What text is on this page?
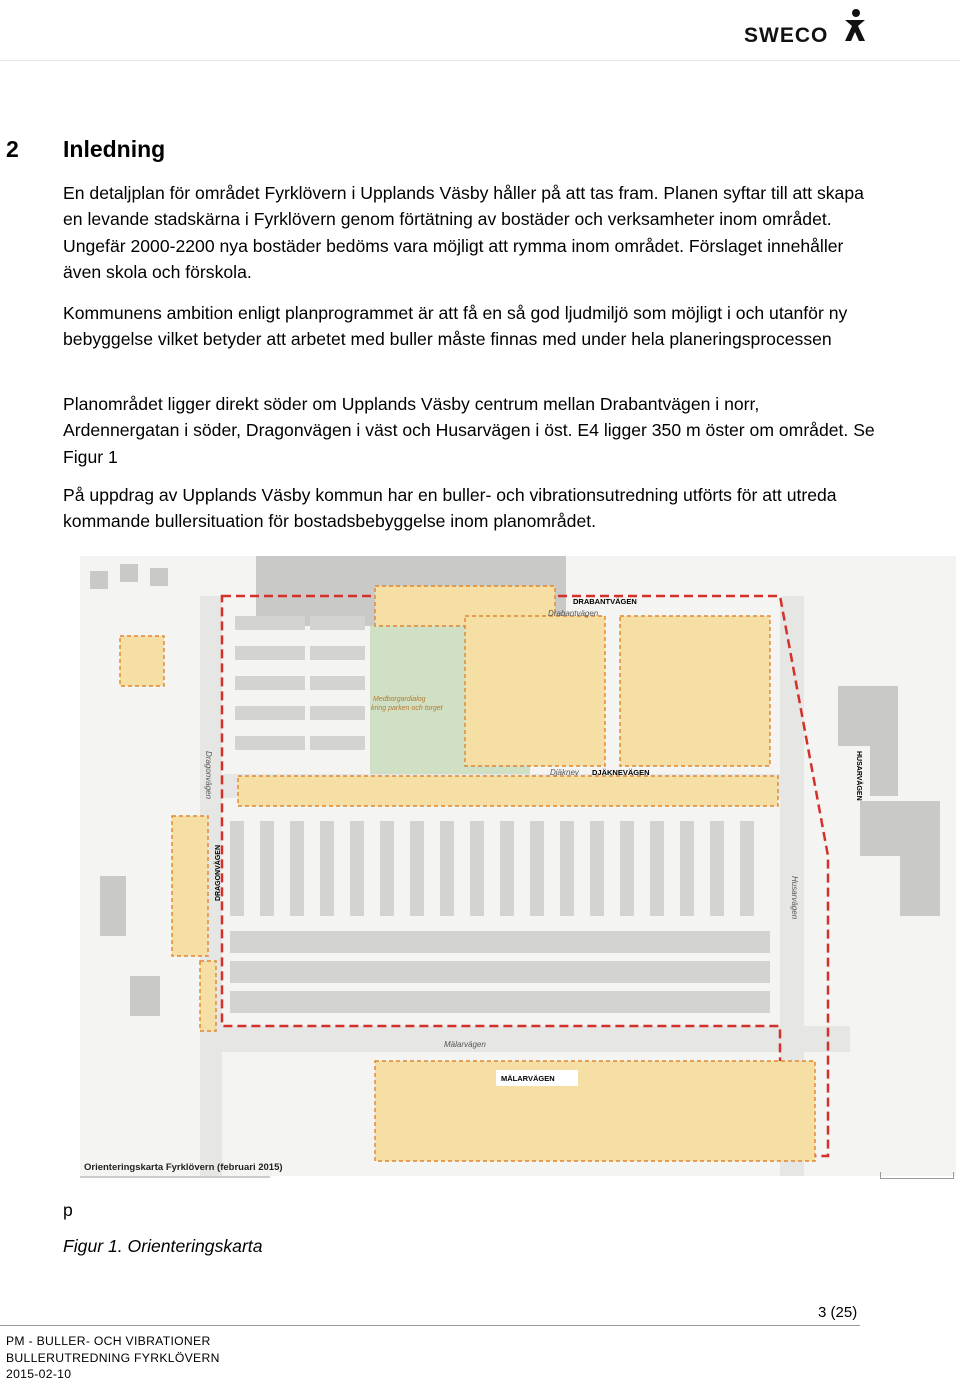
SWECO
2 Inledning
En detaljplan för området Fyrklövern i Upplands Väsby håller på att tas fram. Planen syftar till att skapa en levande stadskärna i Fyrklövern genom förtätning av bostäder och verksamheter inom området. Ungefär 2000-2200 nya bostäder bedöms vara möjligt att rymma inom området. Förslaget innehåller även skola och förskola.
Kommunens ambition enligt planprogrammet är att få en så god ljudmiljö som möjligt i och utanför ny bebyggelse vilket betyder att arbetet med buller måste finnas med under hela planeringsprocessen
Planområdet ligger direkt söder om Upplands Väsby centrum mellan Drabantvägen i norr, Ardennergatan i söder, Dragonvägen i väst och Husarvägen i öst. E4 ligger 350 m öster om området. Se Figur 1
På uppdrag av Upplands Väsby kommun har en buller- och vibrationsutredning utförts för att utreda kommande bullersituation för bostadsbebyggelse inom planområdet.
DRABANTVÄGEN
Drabantvägen
Djäknev DJÄKNEVÄGEN	HUSARVÄGEN
Husarvägen
DRAGONVÄGEN
Dragonvägen
Mälarvägen
MÄLARVÄGEN
Medborgardialog
kring parken och torget
Orienteringskarta Fyrklövern (februari 2015)
p
Figur 1. Orienteringskarta
3 (25)
PM - BULLER- OCH VIBRATIONER
BULLERUTREDNING FYRKLÖVERN
2015-02-10
